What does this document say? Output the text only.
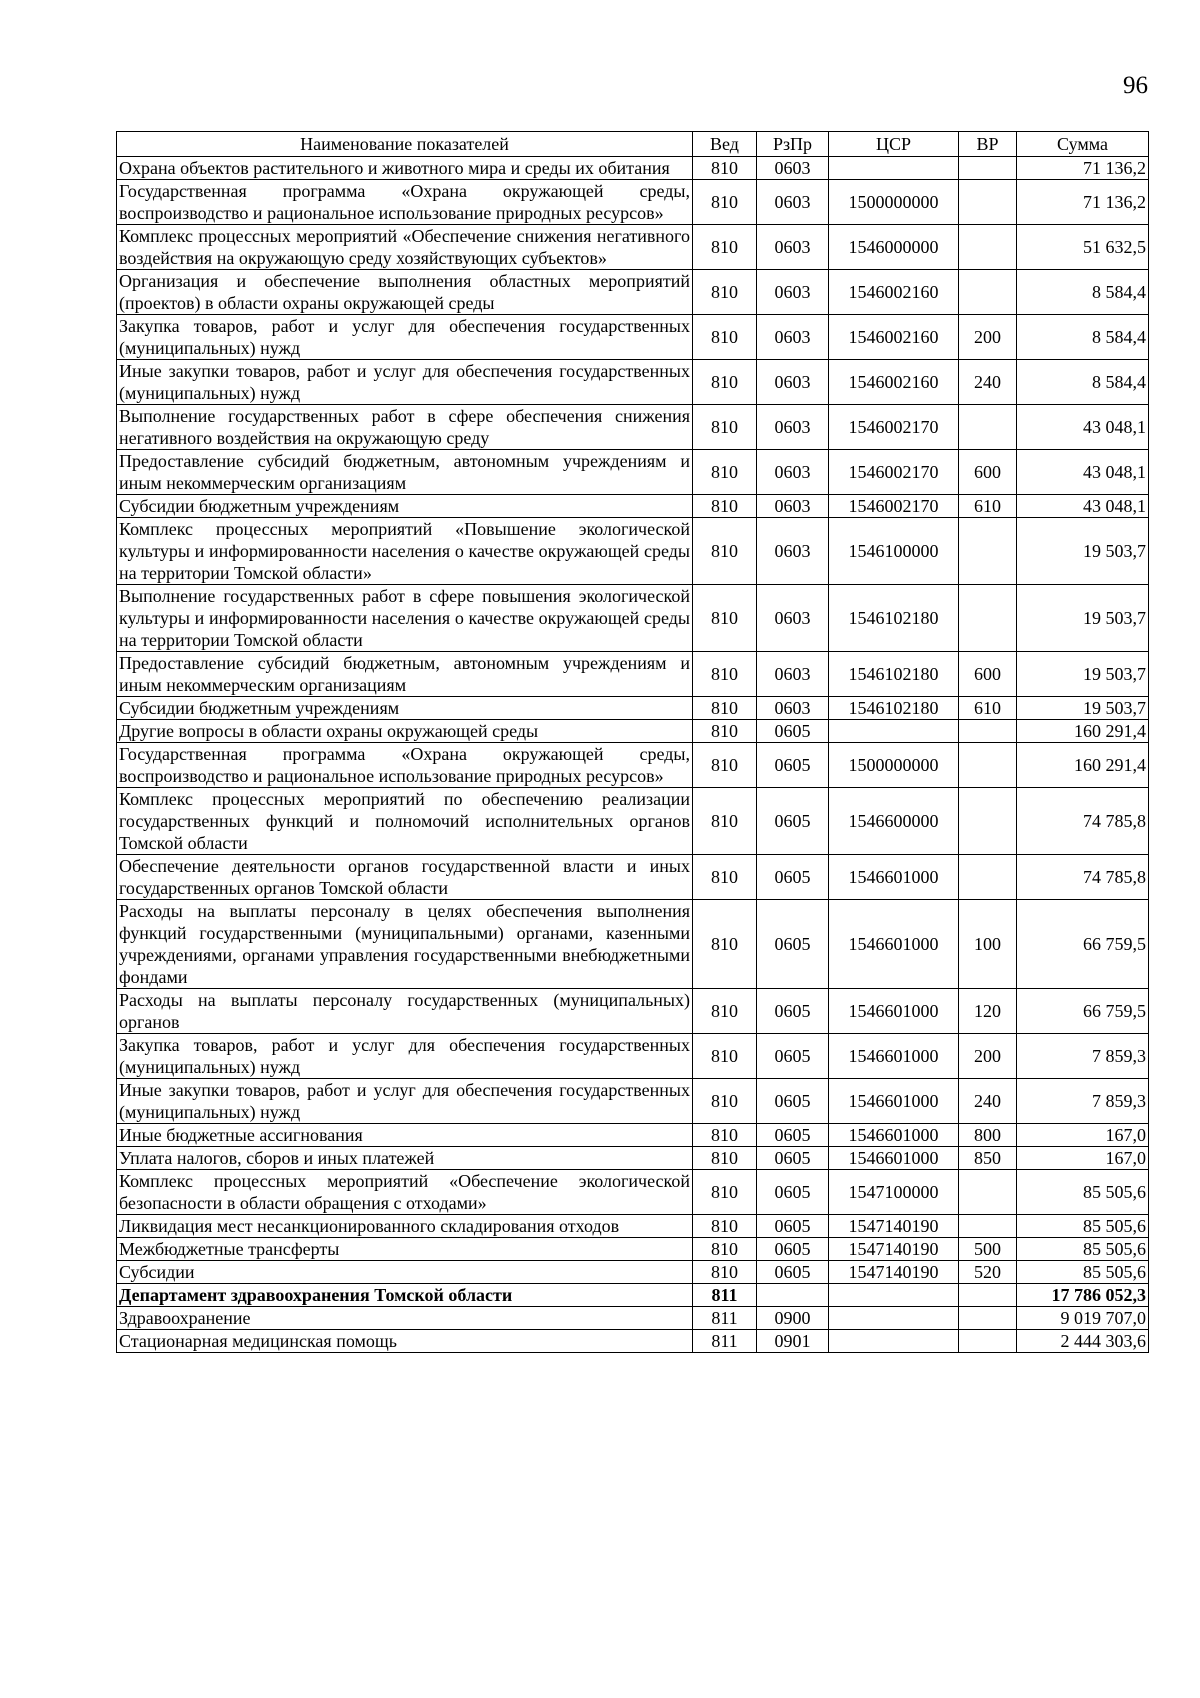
96
Наименование показателей	Вед	РзПр	ЦСР	ВР	Сумма
Охрана объектов растительного и животного мира и среды их обитания	810	0603			71 136,2
Государственная программа «Охрана окружающей среды, воспроизводство и рациональное использование природных ресурсов»	810	0603	1500000000		71 136,2
Комплекс процессных мероприятий «Обеспечение снижения негативного воздействия на окружающую среду хозяйствующих субъектов»	810	0603	1546000000		51 632,5
Организация и обеспечение выполнения областных мероприятий (проектов) в области охраны окружающей среды	810	0603	1546002160		8 584,4
Закупка товаров, работ и услуг для обеспечения государственных (муниципальных) нужд	810	0603	1546002160	200	8 584,4
Иные закупки товаров, работ и услуг для обеспечения государственных (муниципальных) нужд	810	0603	1546002160	240	8 584,4
Выполнение государственных работ в сфере обеспечения снижения негативного воздействия на окружающую среду	810	0603	1546002170		43 048,1
Предоставление субсидий бюджетным, автономным учреждениям и иным некоммерческим организациям	810	0603	1546002170	600	43 048,1
Субсидии бюджетным учреждениям	810	0603	1546002170	610	43 048,1
Комплекс процессных мероприятий «Повышение экологической культуры и информированности населения о качестве окружающей среды на территории Томской области»	810	0603	1546100000		19 503,7
Выполнение государственных работ в сфере повышения экологической культуры и информированности населения о качестве окружающей среды на территории Томской области	810	0603	1546102180		19 503,7
Предоставление субсидий бюджетным, автономным учреждениям и иным некоммерческим организациям	810	0603	1546102180	600	19 503,7
Субсидии бюджетным учреждениям	810	0603	1546102180	610	19 503,7
Другие вопросы в области охраны окружающей среды	810	0605			160 291,4
Государственная программа «Охрана окружающей среды, воспроизводство и рациональное использование природных ресурсов»	810	0605	1500000000		160 291,4
Комплекс процессных мероприятий по обеспечению реализации государственных функций и полномочий исполнительных органов Томской области	810	0605	1546600000		74 785,8
Обеспечение деятельности органов государственной власти и иных государственных органов Томской области	810	0605	1546601000		74 785,8
Расходы на выплаты персоналу в целях обеспечения выполнения функций государственными (муниципальными) органами, казенными учреждениями, органами управления государственными внебюджетными фондами	810	0605	1546601000	100	66 759,5
Расходы на выплаты персоналу государственных (муниципальных) органов	810	0605	1546601000	120	66 759,5
Закупка товаров, работ и услуг для обеспечения государственных (муниципальных) нужд	810	0605	1546601000	200	7 859,3
Иные закупки товаров, работ и услуг для обеспечения государственных (муниципальных) нужд	810	0605	1546601000	240	7 859,3
Иные бюджетные ассигнования	810	0605	1546601000	800	167,0
Уплата налогов, сборов и иных платежей	810	0605	1546601000	850	167,0
Комплекс процессных мероприятий «Обеспечение экологической безопасности в области обращения с отходами»	810	0605	1547100000		85 505,6
Ликвидация мест несанкционированного складирования отходов	810	0605	1547140190		85 505,6
Межбюджетные трансферты	810	0605	1547140190	500	85 505,6
Субсидии	810	0605	1547140190	520	85 505,6
Департамент здравоохранения Томской области	811				17 786 052,3
Здравоохранение	811	0900			9 019 707,0
Стационарная медицинская помощь	811	0901			2 444 303,6
